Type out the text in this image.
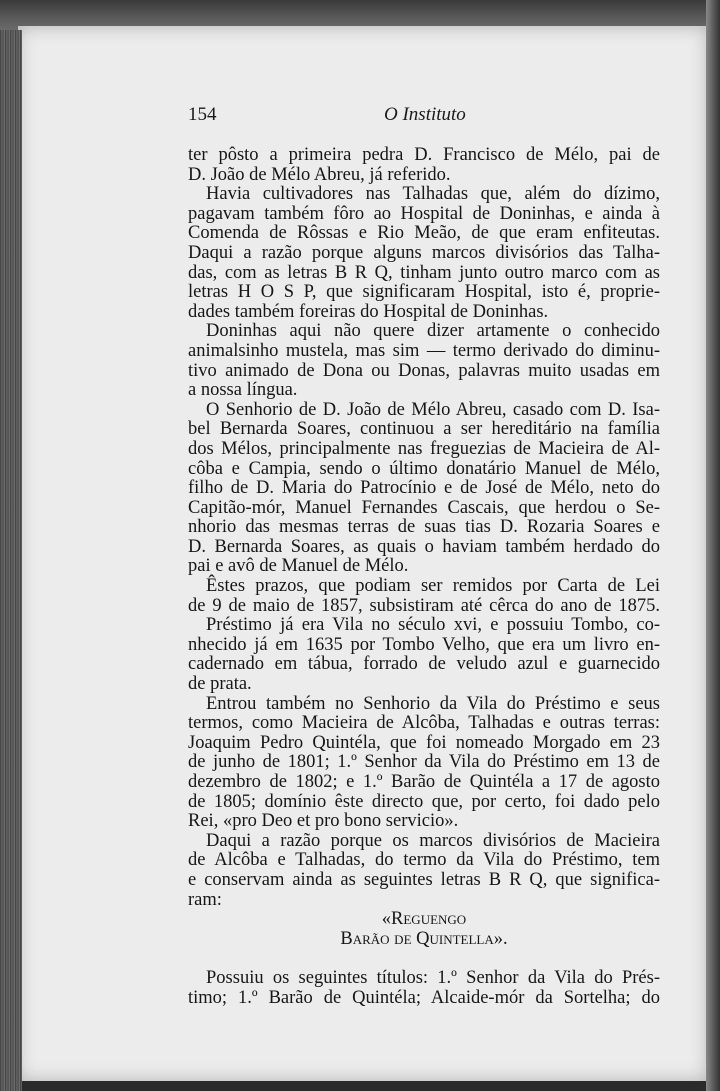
154	O Instituto
ter pôsto a primeira pedra D. Francisco de Mélo, pai de
D. João de Mélo Abreu, já referido.
Havia cultivadores nas Talhadas que, além do dízimo,
pagavam também fôro ao Hospital de Doninhas, e ainda à
Comenda de Rôssas e Rio Meão, de que eram enfiteutas.
Daqui a razão porque alguns marcos divisórios das Talha-
das, com as letras B R Q, tinham junto outro marco com as
letras H O S P, que significaram Hospital, isto é, proprie-
dades também foreiras do Hospital de Doninhas.
Doninhas aqui não quere dizer artamente o conhecido
animalsinho mustela, mas sim — termo derivado do diminu-
tivo animado de Dona ou Donas, palavras muito usadas em
a nossa língua.
O Senhorio de D. João de Mélo Abreu, casado com D. Isa-
bel Bernarda Soares, continuou a ser hereditário na família
dos Mélos, principalmente nas freguezias de Macieira de Al-
côba e Campia, sendo o último donatário Manuel de Mélo,
filho de D. Maria do Patrocínio e de José de Mélo, neto do
Capitão-mór, Manuel Fernandes Cascais, que herdou o Se-
nhorio das mesmas terras de suas tias D. Rozaria Soares e
D. Bernarda Soares, as quais o haviam também herdado do
pai e avô de Manuel de Mélo.
Êstes prazos, que podiam ser remidos por Carta de Lei
de 9 de maio de 1857, subsistiram até cêrca do ano de 1875.
Préstimo já era Vila no século xvi, e possuiu Tombo, co-
nhecido já em 1635 por Tombo Velho, que era um livro en-
cadernado em tábua, forrado de veludo azul e guarnecido
de prata.
Entrou também no Senhorio da Vila do Préstimo e seus
termos, como Macieira de Alcôba, Talhadas e outras terras:
Joaquim Pedro Quintéla, que foi nomeado Morgado em 23
de junho de 1801; 1.º Senhor da Vila do Préstimo em 13 de
dezembro de 1802; e 1.º Barão de Quintéla a 17 de agosto
de 1805; domínio êste directo que, por certo, foi dado pelo
Rei, «pro Deo et pro bono servicio».
Daqui a razão porque os marcos divisórios de Macieira
de Alcôba e Talhadas, do termo da Vila do Préstimo, tem
e conservam ainda as seguintes letras B R Q, que significa-
ram:
«Reguengo
Barão de Quintella».
Possuiu os seguintes títulos: 1.º Senhor da Vila do Prés-
timo; 1.º Barão de Quintéla; Alcaide-mór da Sortelha; do
